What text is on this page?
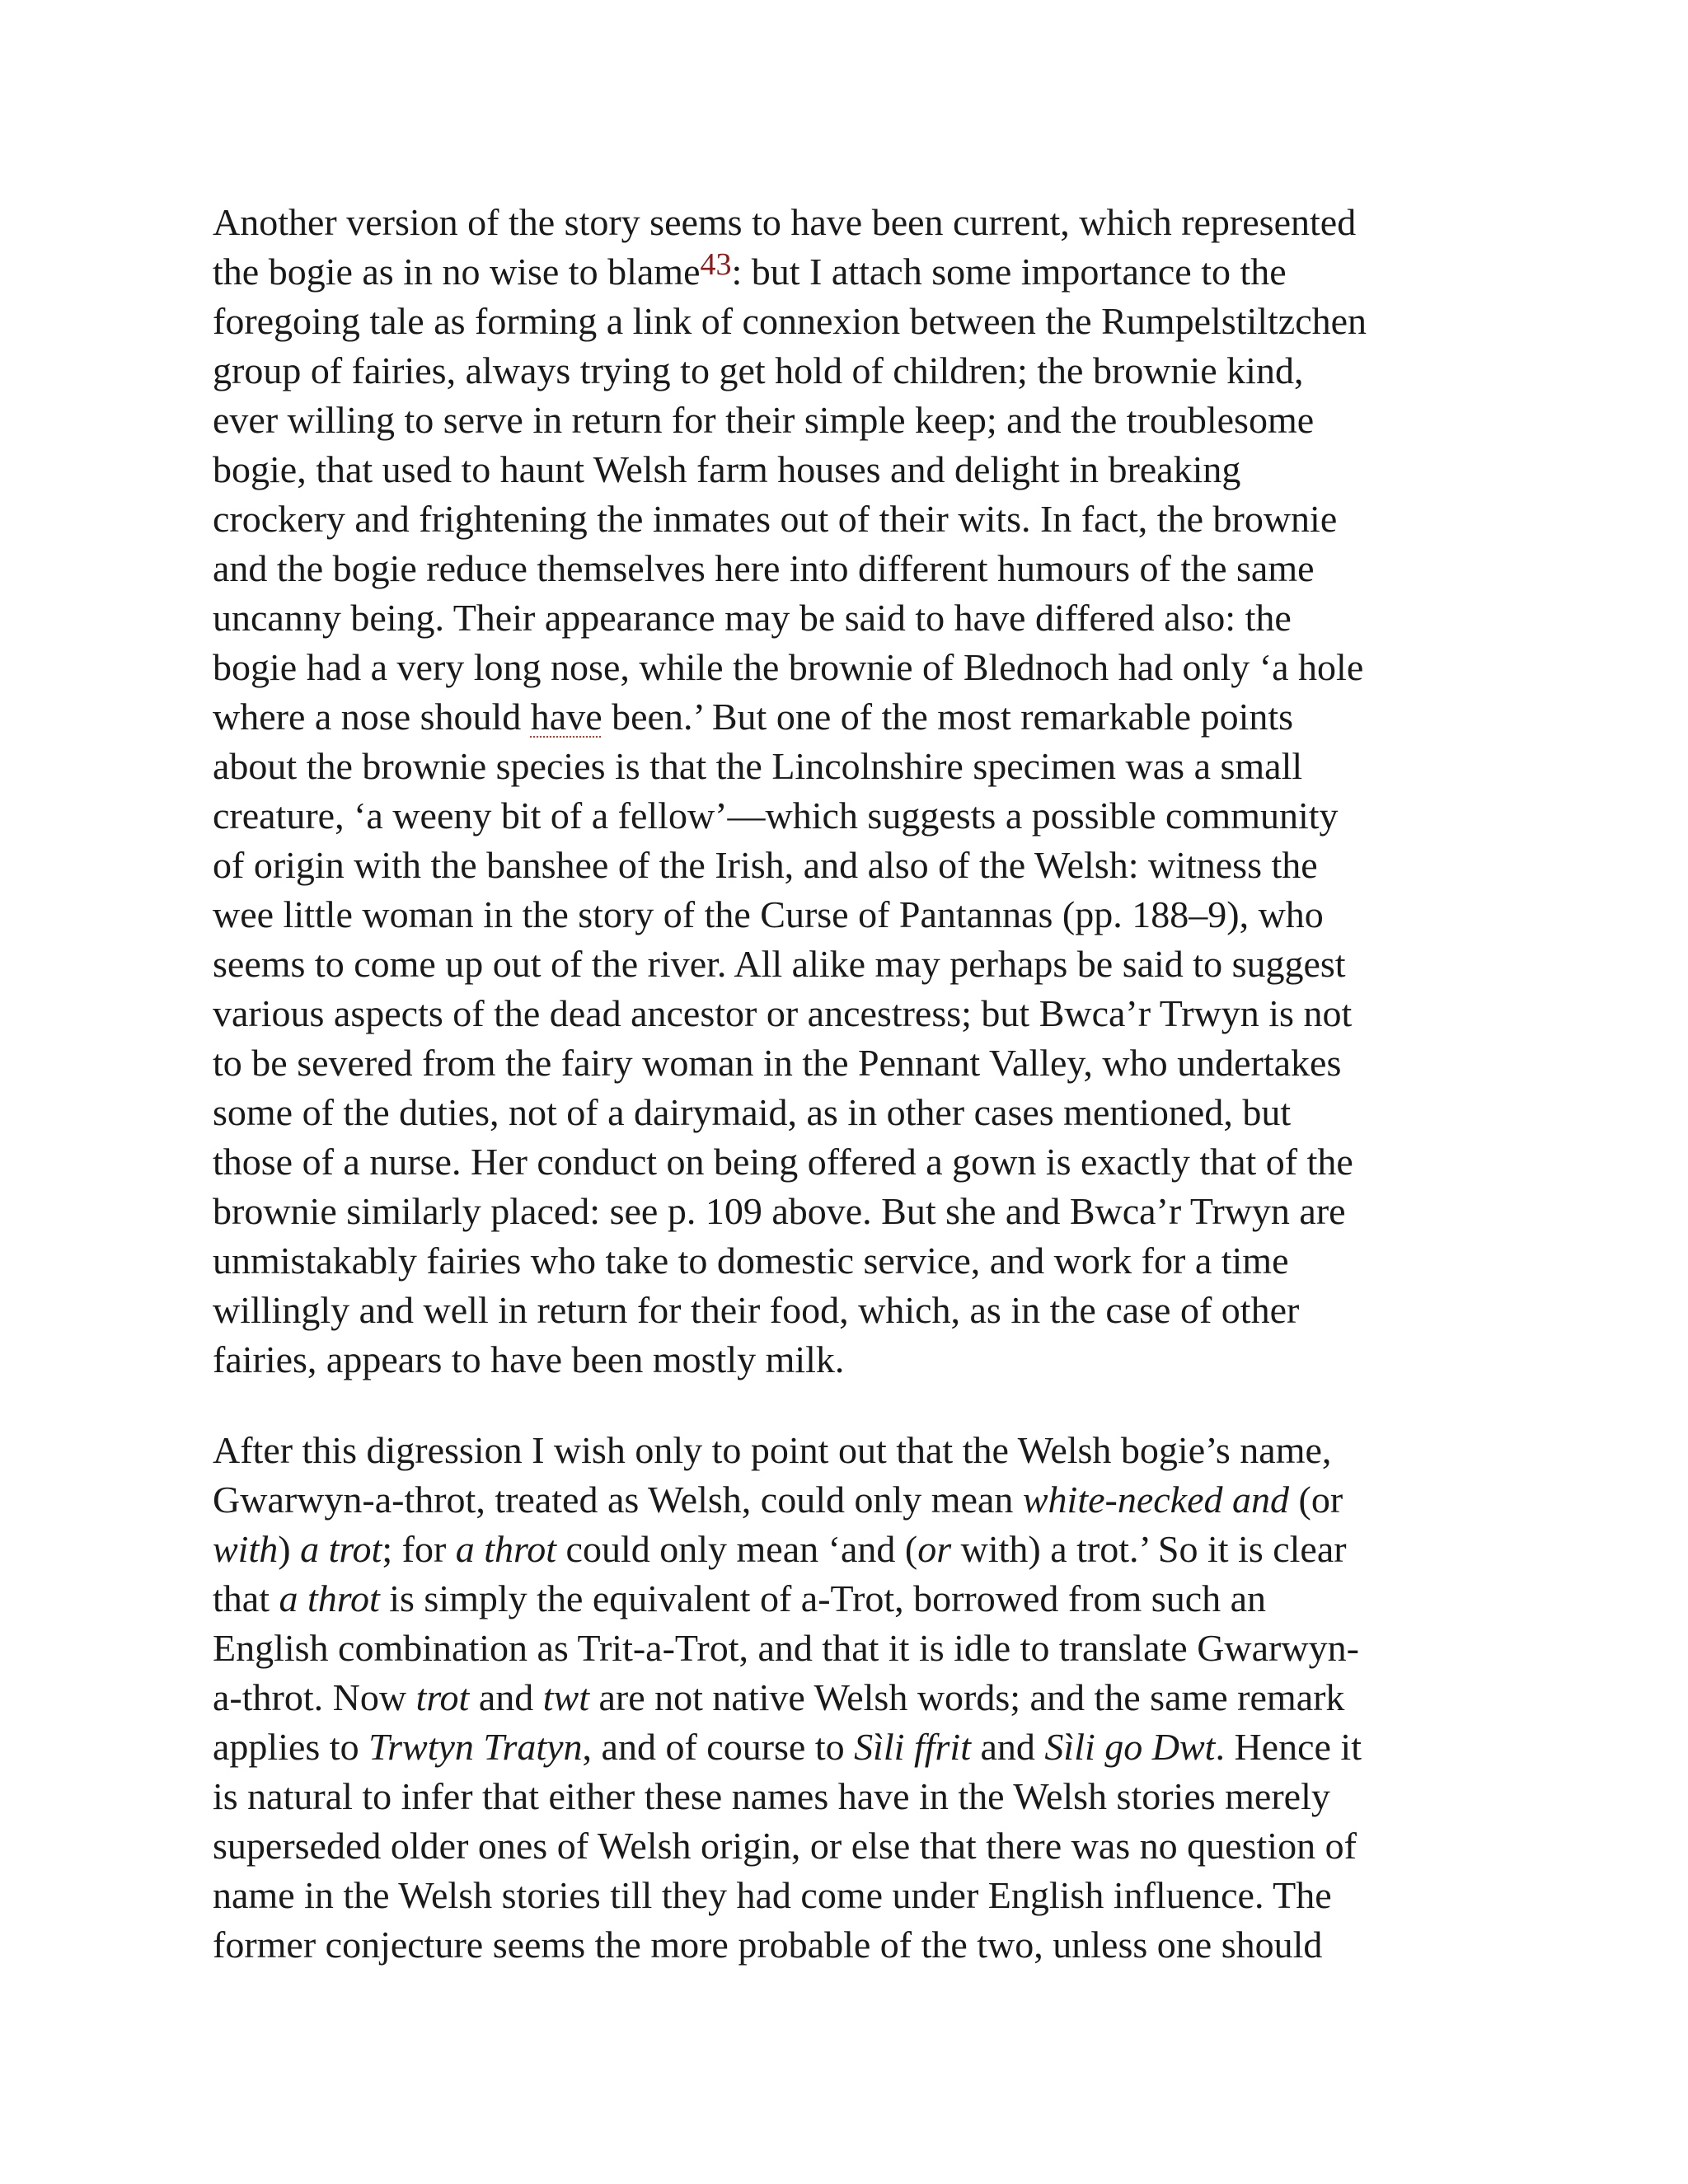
Another version of the story seems to have been current, which represented
the bogie as in no wise to blame$^{43}$: but I attach some importance to the
foregoing tale as forming a link of connexion between the Rumpelstiltzchen
group of fairies, always trying to get hold of children; the brownie kind,
ever willing to serve in return for their simple keep; and the troublesome
bogie, that used to haunt Welsh farm houses and delight in breaking
crockery and frightening the inmates out of their wits. In fact, the brownie
and the bogie reduce themselves here into different humours of the same
uncanny being. Their appearance may be said to have differed also: the
bogie had a very long nose, while the brownie of Blednoch had only ‘a hole
where a nose should have been.’ But one of the most remarkable points
about the brownie species is that the Lincolnshire specimen was a small
creature, ‘a weeny bit of a fellow’—which suggests a possible community
of origin with the banshee of the Irish, and also of the Welsh: witness the
wee little woman in the story of the Curse of Pantannas (pp. 188–9), who
seems to come up out of the river. All alike may perhaps be said to suggest
various aspects of the dead ancestor or ancestress; but Bwca’r Trwyn is not
to be severed from the fairy woman in the Pennant Valley, who undertakes
some of the duties, not of a dairymaid, as in other cases mentioned, but
those of a nurse. Her conduct on being offered a gown is exactly that of the
brownie similarly placed: see p. 109 above. But she and Bwca’r Trwyn are
unmistakably fairies who take to domestic service, and work for a time
willingly and well in return for their food, which, as in the case of other
fairies, appears to have been mostly milk.

After this digression I wish only to point out that the Welsh bogie’s name,
Gwarwyn-a-throt, treated as Welsh, could only mean white-necked and (or
with) a trot; for a throt could only mean ‘and (or with) a trot.’ So it is clear
that a throt is simply the equivalent of a-Trot, borrowed from such an
English combination as Trit-a-Trot, and that it is idle to translate Gwarwyn-
a-throt. Now trot and twt are not native Welsh words; and the same remark
applies to Trwtyn Tratyn, and of course to Sìli ffrit and Sìli go Dwt. Hence it
is natural to infer that either these names have in the Welsh stories merely
superseded older ones of Welsh origin, or else that there was no question of
name in the Welsh stories till they had come under English influence. The
former conjecture seems the more probable of the two, unless one should
